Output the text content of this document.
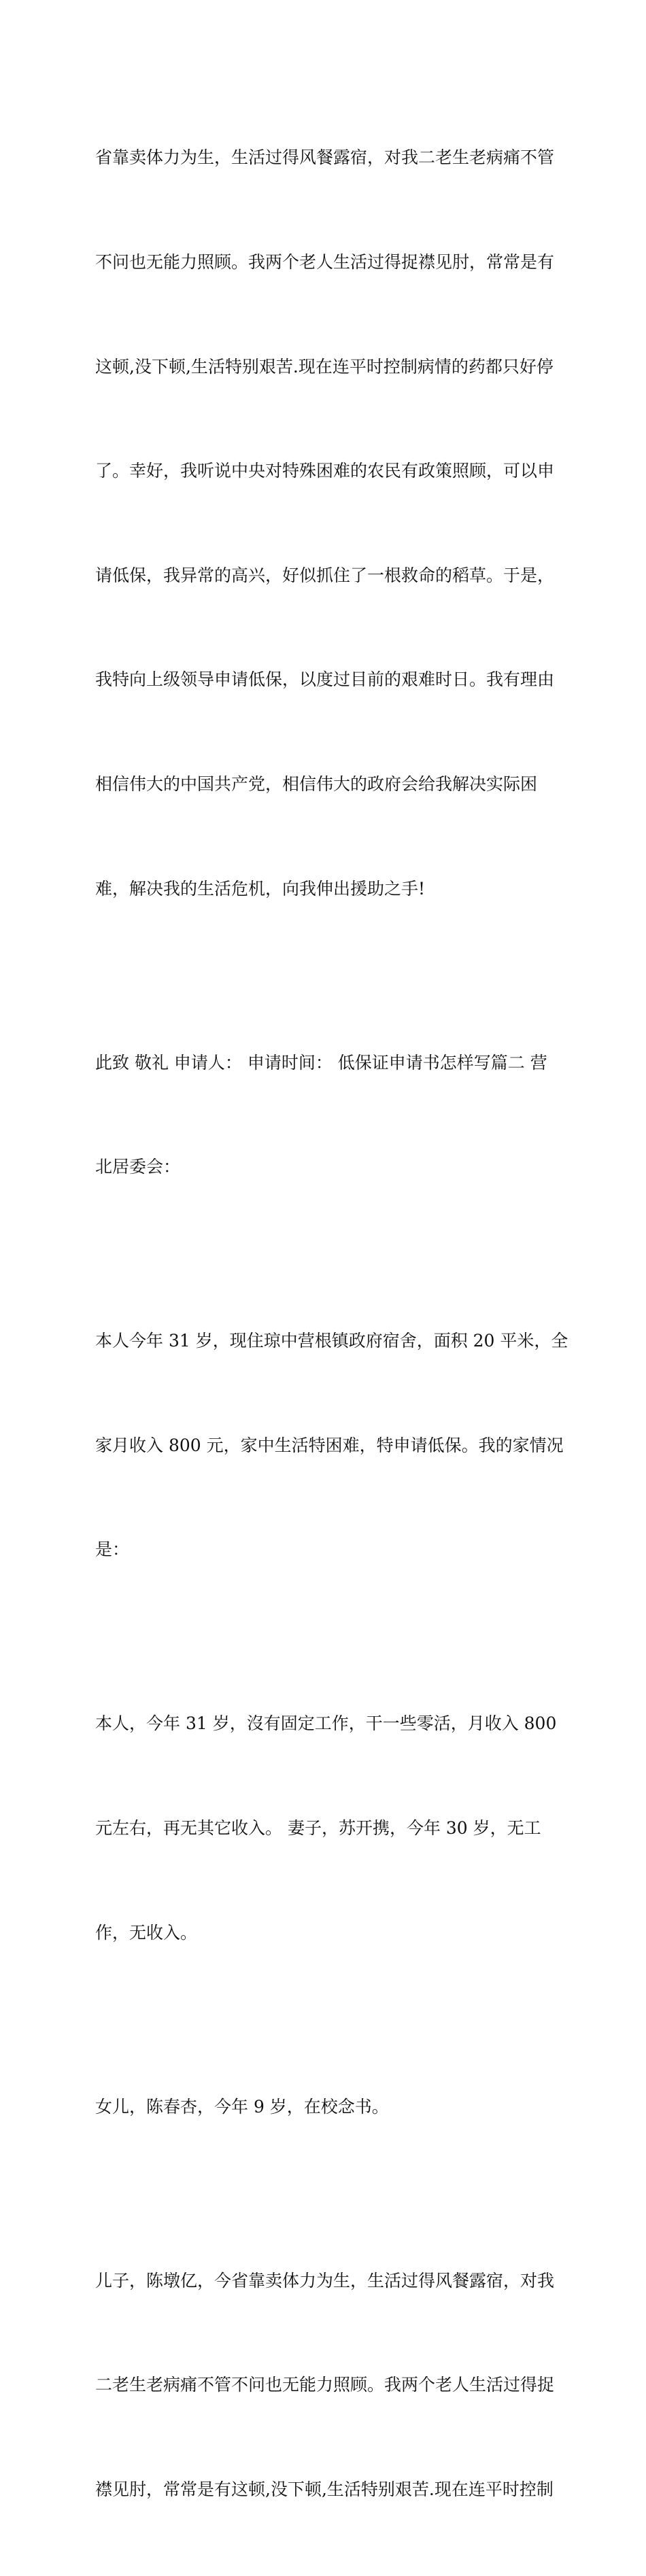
省靠卖体力为生，生活过得风餐露宿，对我二老生老病痛不管

不问也无能力照顾。我两个老人生活过得捉襟见肘，常常是有

这顿,没下顿,生活特别艰苦.现在连平时控制病情的药都只好停

了。幸好，我听说中央对特殊困难的农民有政策照顾，可以申

请低保，我异常的高兴，好似抓住了一根救命的稻草。于是，

我特向上级领导申请低保，以度过目前的艰难时日。我有理由

相信伟大的中国共产党，相信伟大的政府会给我解决实际困

难，解决我的生活危机，向我伸出援助之手!

此致 敬礼 申请人： 申请时间： 低保证申请书怎样写篇二 营

北居委会：

本人今年 31 岁，现住琼中营根镇政府宿舍，面积 20 平米，全

家月收入 800 元，家中生活特困难，特申请低保。我的家情况

是：

本人，今年 31 岁，沒有固定工作，干一些零活，月收入 800

元左右，再无其它收入。 妻子，苏开携，今年 30 岁，无工

作，无收入。

女儿，陈春杏，今年 9 岁，在校念书。

儿子，陈墩亿，今省靠卖体力为生，生活过得风餐露宿，对我

二老生老病痛不管不问也无能力照顾。我两个老人生活过得捉

襟见肘，常常是有这顿,没下顿,生活特别艰苦.现在连平时控制
